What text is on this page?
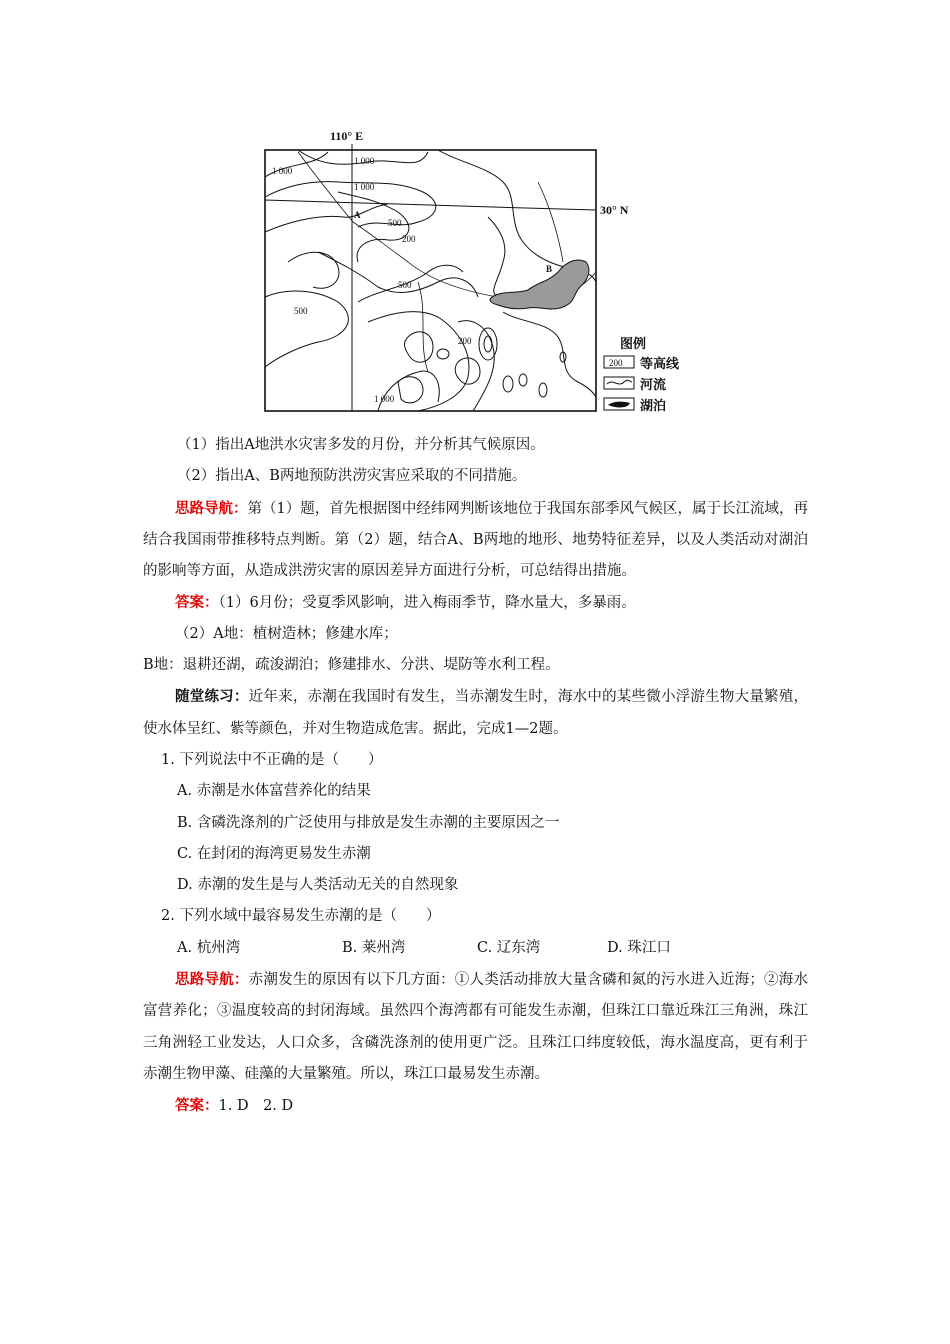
110° E
30° N
1 000
1 000
1 000
A
500
200
500
500
200
1 000
B
图例
200 等高线
河流
湖泊
（1）指出A地洪水灾害多发的月份，并分析其气候原因。
（2）指出A、B两地预防洪涝灾害应采取的不同措施。
思路导航：第（1）题，首先根据图中经纬网判断该地位于我国东部季风气候区，属于长江流域，再结合我国雨带推移特点判断。第（2）题，结合A、B两地的地形、地势特征差异，以及人类活动对湖泊的影响等方面，从造成洪涝灾害的原因差异方面进行分析，可总结得出措施。
答案：（1）6月份；受夏季风影响，进入梅雨季节，降水量大，多暴雨。
（2）A地：植树造林；修建水库；
B地：退耕还湖，疏浚湖泊；修建排水、分洪、堤防等水利工程。
随堂练习：近年来，赤潮在我国时有发生，当赤潮发生时，海水中的某些微小浮游生物大量繁殖，使水体呈红、紫等颜色，并对生物造成危害。据此，完成1—2题。
1. 下列说法中不正确的是（　　）
A. 赤潮是水体富营养化的结果
B. 含磷洗涤剂的广泛使用与排放是发生赤潮的主要原因之一
C. 在封闭的海湾更易发生赤潮
D. 赤潮的发生是与人类活动无关的自然现象
2. 下列水域中最容易发生赤潮的是（　　）
A. 杭州湾	B. 莱州湾	C. 辽东湾	D. 珠江口
思路导航：赤潮发生的原因有以下几方面：①人类活动排放大量含磷和氮的污水进入近海；②海水富营养化；③温度较高的封闭海域。虽然四个海湾都有可能发生赤潮，但珠江口靠近珠江三角洲，珠江三角洲轻工业发达，人口众多，含磷洗涤剂的使用更广泛。且珠江口纬度较低，海水温度高，更有利于赤潮生物甲藻、硅藻的大量繁殖。所以，珠江口最易发生赤潮。
答案：1. D　2. D
